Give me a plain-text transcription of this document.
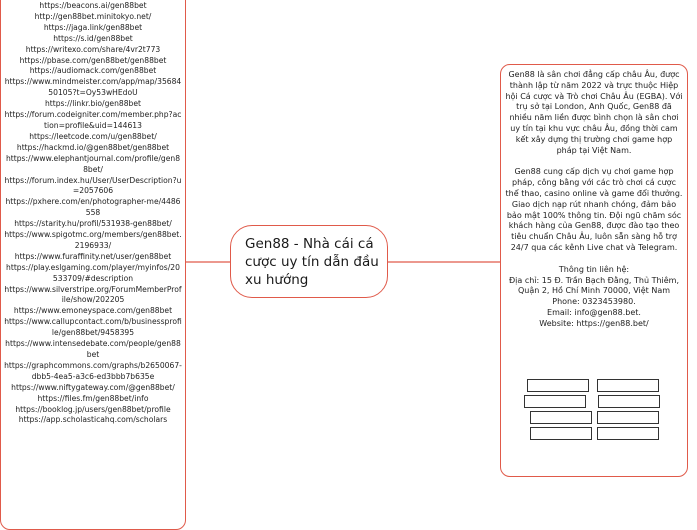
https://beacons.ai/gen88bet
http://gen88bet.minitokyo.net/
https://jaga.link/gen88bet
https://s.id/gen88bet
https://writexo.com/share/4vr2t773
https://pbase.com/gen88bet/gen88bet
https://audiomack.com/gen88bet
https://www.mindmeister.com/app/map/3568450105?t=Oy53wHEdoU
https://linkr.bio/gen88bet
https://forum.codeigniter.com/member.php?action=profile&uid=144613
https://leetcode.com/u/gen88bet/
https://hackmd.io/@gen88bet/gen88bet
https://www.elephantjournal.com/profile/gen88bet/
https://forum.index.hu/User/UserDescription?u=2057606
https://pxhere.com/en/photographer-me/4486558
https://starity.hu/profil/531938-gen88bet/
https://www.spigotmc.org/members/gen88bet.2196933/
https://www.furaffinity.net/user/gen88bet
https://play.eslgaming.com/player/myinfos/20533709/#description
https://www.silverstripe.org/ForumMemberProfile/show/202205
https://www.emoneyspace.com/gen88bet
https://www.callupcontact.com/b/businessprofile/gen88bet/9458395
https://www.intensedebate.com/people/gen88bet
https://graphcommons.com/graphs/b2650067-dbb5-4ea5-a3c6-ed3bbb7b635e
https://www.niftygateway.com/@gen88bet/
https://files.fm/gen88bet/info
https://booklog.jp/users/gen88bet/profile
https://app.scholasticahq.com/scholars
Gen88 - Nhà cái cá cược uy tín dẫn đầu xu hướng
Gen88 là sân chơi đẳng cấp châu Âu, được thành lập từ năm 2022 và trực thuộc Hiệp hội Cá cược và Trò chơi Châu Âu (EGBA). Với trụ sở tại London, Anh Quốc, Gen88 đã nhiều năm liền được bình chọn là sân chơi uy tín tại khu vực châu Âu, đồng thời cam kết xây dựng thị trường chơi game hợp pháp tại Việt Nam.
Gen88 cung cấp dịch vụ chơi game hợp pháp, công bằng với các trò chơi cá cược thể thao, casino online và game đổi thưởng. Giao dịch nạp rút nhanh chóng, đảm bảo bảo mật 100% thông tin. Đội ngũ chăm sóc khách hàng của Gen88, được đào tạo theo tiêu chuẩn Châu Âu, luôn sẵn sàng hỗ trợ 24/7 qua các kênh Live chat và Telegram.
Thông tin liên hệ:
Địa chỉ: 15 Đ. Trần Bạch Đằng, Thủ Thiêm, Quận 2, Hồ Chí Minh 70000, Việt Nam
Phone: 0323453980.
Email: info@gen88.bet.
Website: https://gen88.bet/
